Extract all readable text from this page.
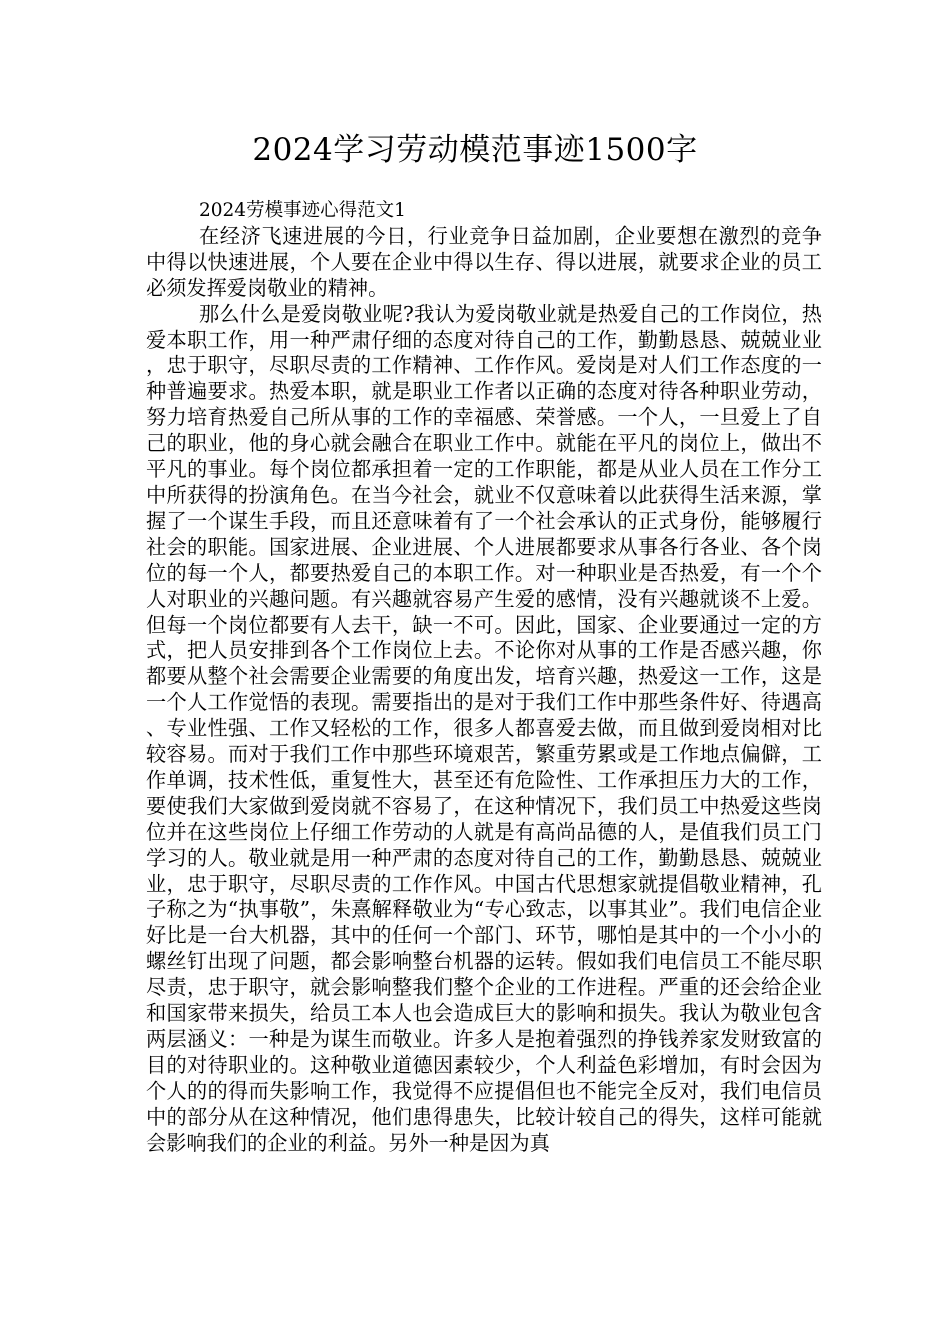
2024学习劳动模范事迹1500字

2024劳模事迹心得范文1

在经济飞速进展的今日，行业竞争日益加剧，企业要想在激烈的竞争中得以快速进展，个人要在企业中得以生存、得以进展，就要求企业的员工必须发挥爱岗敬业的精神。

那么什么是爱岗敬业呢?我认为爱岗敬业就是热爱自己的工作岗位，热爱本职工作，用一种严肃仔细的态度对待自己的工作，勤勤恳恳、兢兢业业，忠于职守，尽职尽责的工作精神、工作作风。爱岗是对人们工作态度的一种普遍要求。热爱本职，就是职业工作者以正确的态度对待各种职业劳动，努力培育热爱自己所从事的工作的幸福感、荣誉感。一个人，一旦爱上了自己的职业，他的身心就会融合在职业工作中。就能在平凡的岗位上，做出不平凡的事业。每个岗位都承担着一定的工作职能，都是从业人员在工作分工中所获得的扮演角色。在当今社会，就业不仅意味着以此获得生活来源，掌握了一个谋生手段，而且还意味着有了一个社会承认的正式身份，能够履行社会的职能。国家进展、企业进展、个人进展都要求从事各行各业、各个岗位的每一个人，都要热爱自己的本职工作。对一种职业是否热爱，有一个个人对职业的兴趣问题。有兴趣就容易产生爱的感情，没有兴趣就谈不上爱。但每一个岗位都要有人去干，缺一不可。因此，国家、企业要通过一定的方式，把人员安排到各个工作岗位上去。不论你对从事的工作是否感兴趣，你都要从整个社会需要企业需要的角度出发，培育兴趣，热爱这一工作，这是一个人工作觉悟的表现。需要指出的是对于我们工作中那些条件好、待遇高、专业性强、工作又轻松的工作，很多人都喜爱去做，而且做到爱岗相对比较容易。而对于我们工作中那些环境艰苦，繁重劳累或是工作地点偏僻，工作单调，技术性低，重复性大，甚至还有危险性、工作承担压力大的工作，要使我们大家做到爱岗就不容易了，在这种情况下，我们员工中热爱这些岗位并在这些岗位上仔细工作劳动的人就是有高尚品德的人，是值我们员工门学习的人。敬业就是用一种严肃的态度对待自己的工作，勤勤恳恳、兢兢业业，忠于职守，尽职尽责的工作作风。中国古代思想家就提倡敬业精神，孔子称之为“执事敬”，朱熹解释敬业为“专心致志，以事其业”。我们电信企业好比是一台大机器，其中的任何一个部门、环节，哪怕是其中的一个小小的螺丝钉出现了问题，都会影响整台机器的运转。假如我们电信员工不能尽职尽责，忠于职守，就会影响整我们整个企业的工作进程。严重的还会给企业和国家带来损失，给员工本人也会造成巨大的影响和损失。我认为敬业包含两层涵义：一种是为谋生而敬业。许多人是抱着强烈的挣钱养家发财致富的目的对待职业的。这种敬业道德因素较少，个人利益色彩增加，有时会因为个人的的得而失影响工作，我觉得不应提倡但也不能完全反对，我们电信员中的部分从在这种情况，他们患得患失，比较计较自己的得失，这样可能就会影响我们的企业的利益。另外一种是因为真
